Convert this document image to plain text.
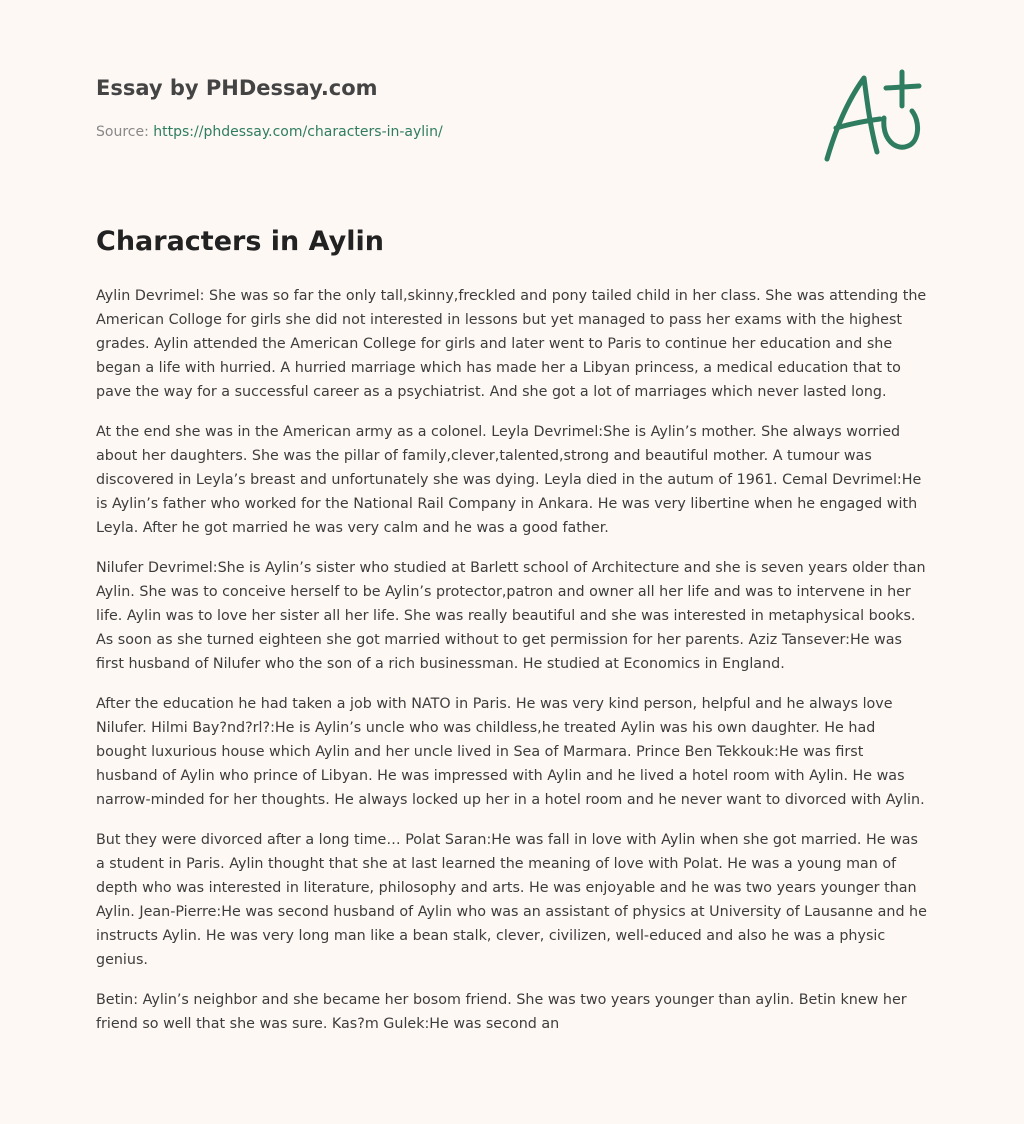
Essay by PHDessay.com
Source: https://phdessay.com/characters-in-aylin/
Characters in Aylin

Aylin Devrimel: She was so far the only tall,skinny,freckled and pony tailed child in her class. She was attending the American Colloge for girls she did not interested in lessons but yet managed to pass her exams with the highest grades. Aylin attended the American College for girls and later went to Paris to continue her education and she began a life with hurried. A hurried marriage which has made her a Libyan princess, a medical education that to pave the way for a successful career as a psychiatrist. And she got a lot of marriages which never lasted long.

At the end she was in the American army as a colonel. Leyla Devrimel:She is Aylin’s mother. She always worried about her daughters. She was the pillar of family,clever,talented,strong and beautiful mother. A tumour was discovered in Leyla’s breast and unfortunately she was dying. Leyla died in the autum of 1961. Cemal Devrimel:He is Aylin’s father who worked for the National Rail Company in Ankara. He was very libertine when he engaged with Leyla. After he got married he was very calm and he was a good father.

Nilufer Devrimel:She is Aylin’s sister who studied at Barlett school of Architecture and she is seven years older than Aylin. She was to conceive herself to be Aylin’s protector,patron and owner all her life and was to intervene in her life. Aylin was to love her sister all her life. She was really beautiful and she was interested in metaphysical books. As soon as she turned eighteen she got married without to get permission for her parents. Aziz Tansever:He was first husband of Nilufer who the son of a rich businessman. He studied at Economics in England.

After the education he had taken a job with NATO in Paris. He was very kind person, helpful and he always love Nilufer. Hilmi Bay?nd?rl?:He is Aylin’s uncle who was childless,he treated Aylin was his own daughter. He had bought luxurious house which Aylin and her uncle lived in Sea of Marmara. Prince Ben Tekkouk:He was first husband of Aylin who prince of Libyan. He was impressed with Aylin and he lived a hotel room with Aylin. He was narrow-minded for her thoughts. He always locked up her in a hotel room and he never want to divorced with Aylin.

But they were divorced after a long time… Polat Saran:He was fall in love with Aylin when she got married. He was a student in Paris. Aylin thought that she at last learned the meaning of love with Polat. He was a young man of depth who was interested in literature, philosophy and arts. He was enjoyable and he was two years younger than Aylin. Jean-Pierre:He was second husband of Aylin who was an assistant of physics at University of Lausanne and he instructs Aylin. He was very long man like a bean stalk, clever, civilizen, well-educed and also he was a physic genius.

Betin: Aylin’s neighbor and she became her bosom friend. She was two years younger than aylin. Betin knew her friend so well that she was sure. Kas?m Gulek:He was second an
